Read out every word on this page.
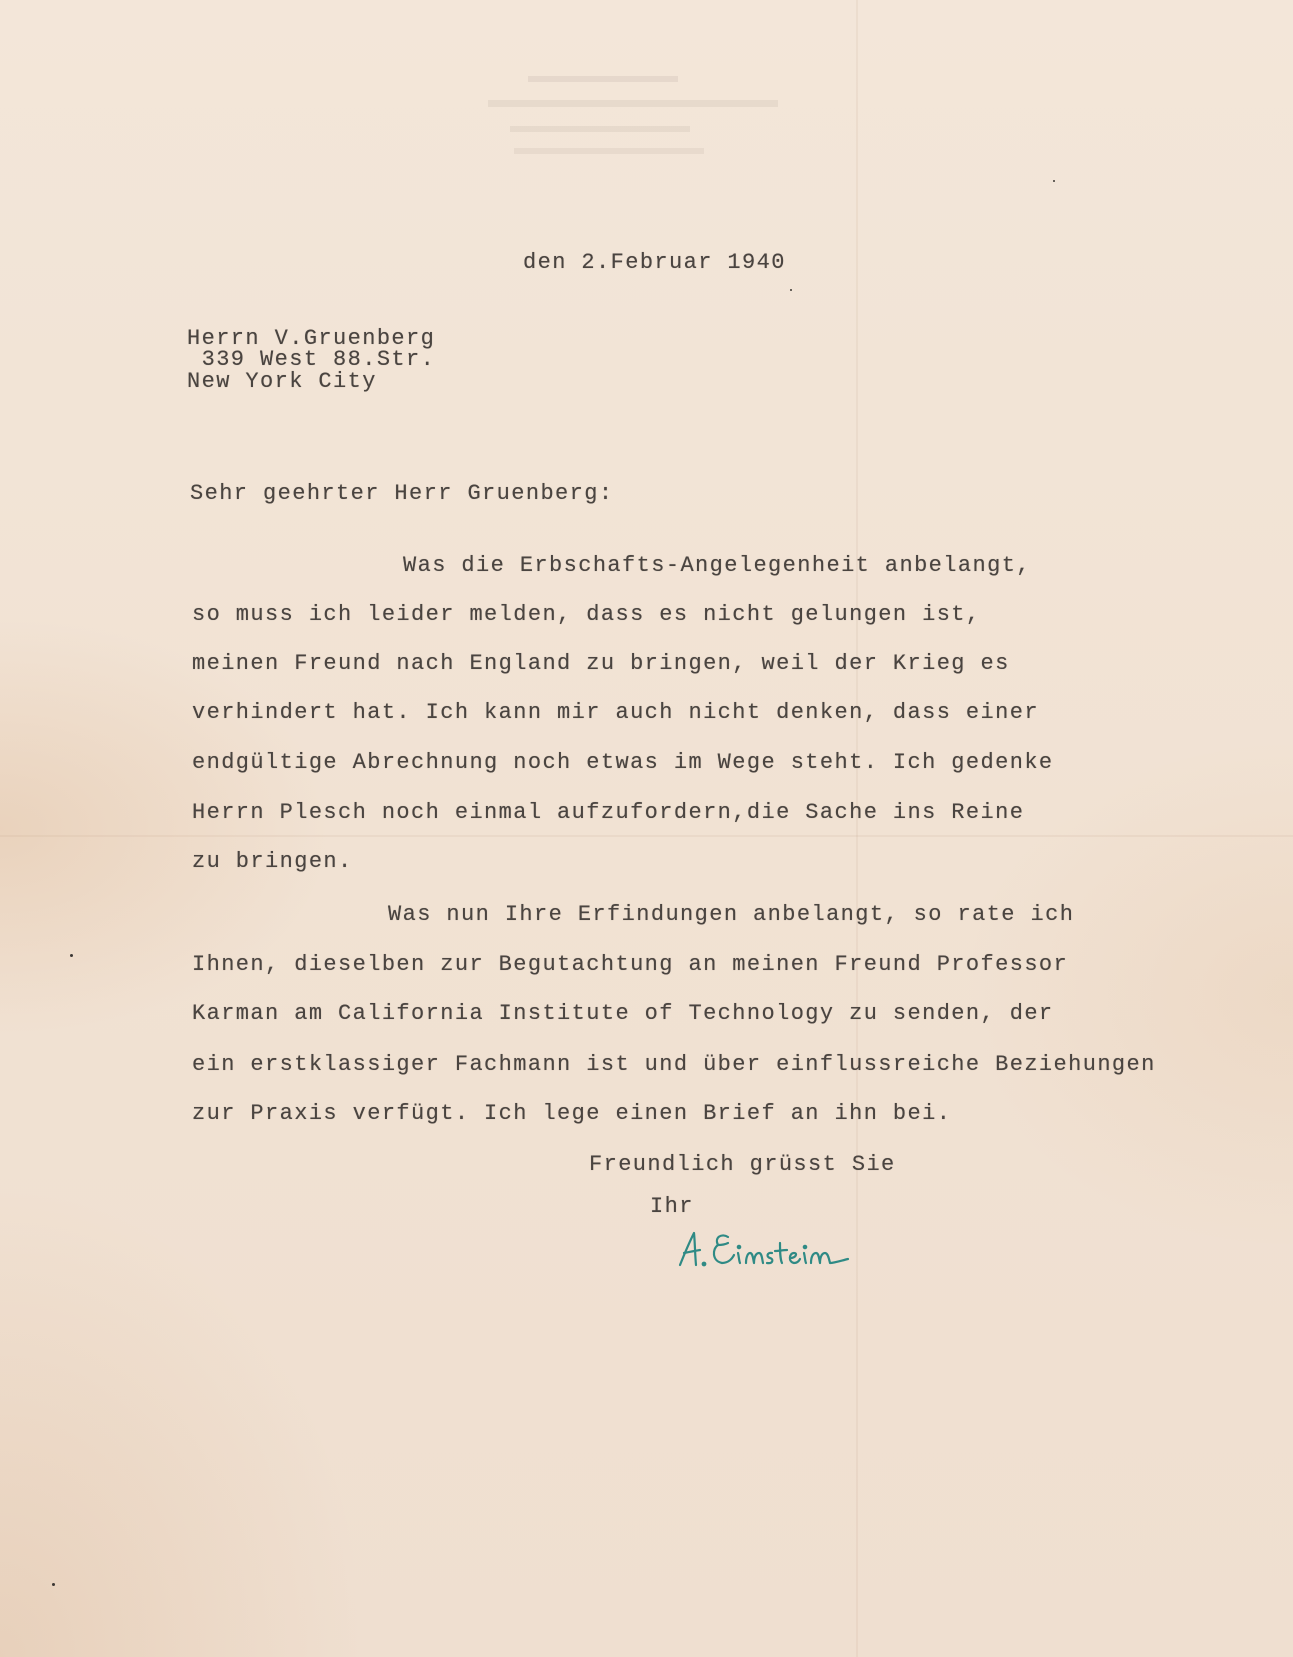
den 2.Februar 1940
Herrn V.Gruenberg
339 West 88.Str.
New York City
Sehr geehrter Herr Gruenberg:
Was die Erbschafts-Angelegenheit anbelangt,
so muss ich leider melden, dass es nicht gelungen ist,
meinen Freund nach England zu bringen, weil der Krieg es
verhindert hat. Ich kann mir auch nicht denken, dass einer
endgültige Abrechnung noch etwas im Wege steht. Ich gedenke
Herrn Plesch noch einmal aufzufordern,die Sache ins Reine
zu bringen.
Was nun Ihre Erfindungen anbelangt, so rate ich
Ihnen, dieselben zur Begutachtung an meinen Freund Professor
Karman am California Institute of Technology zu senden, der
ein erstklassiger Fachmann ist und über einflussreiche Beziehungen
zur Praxis verfügt. Ich lege einen Brief an ihn bei.
Freundlich grüsst Sie
Ihr
